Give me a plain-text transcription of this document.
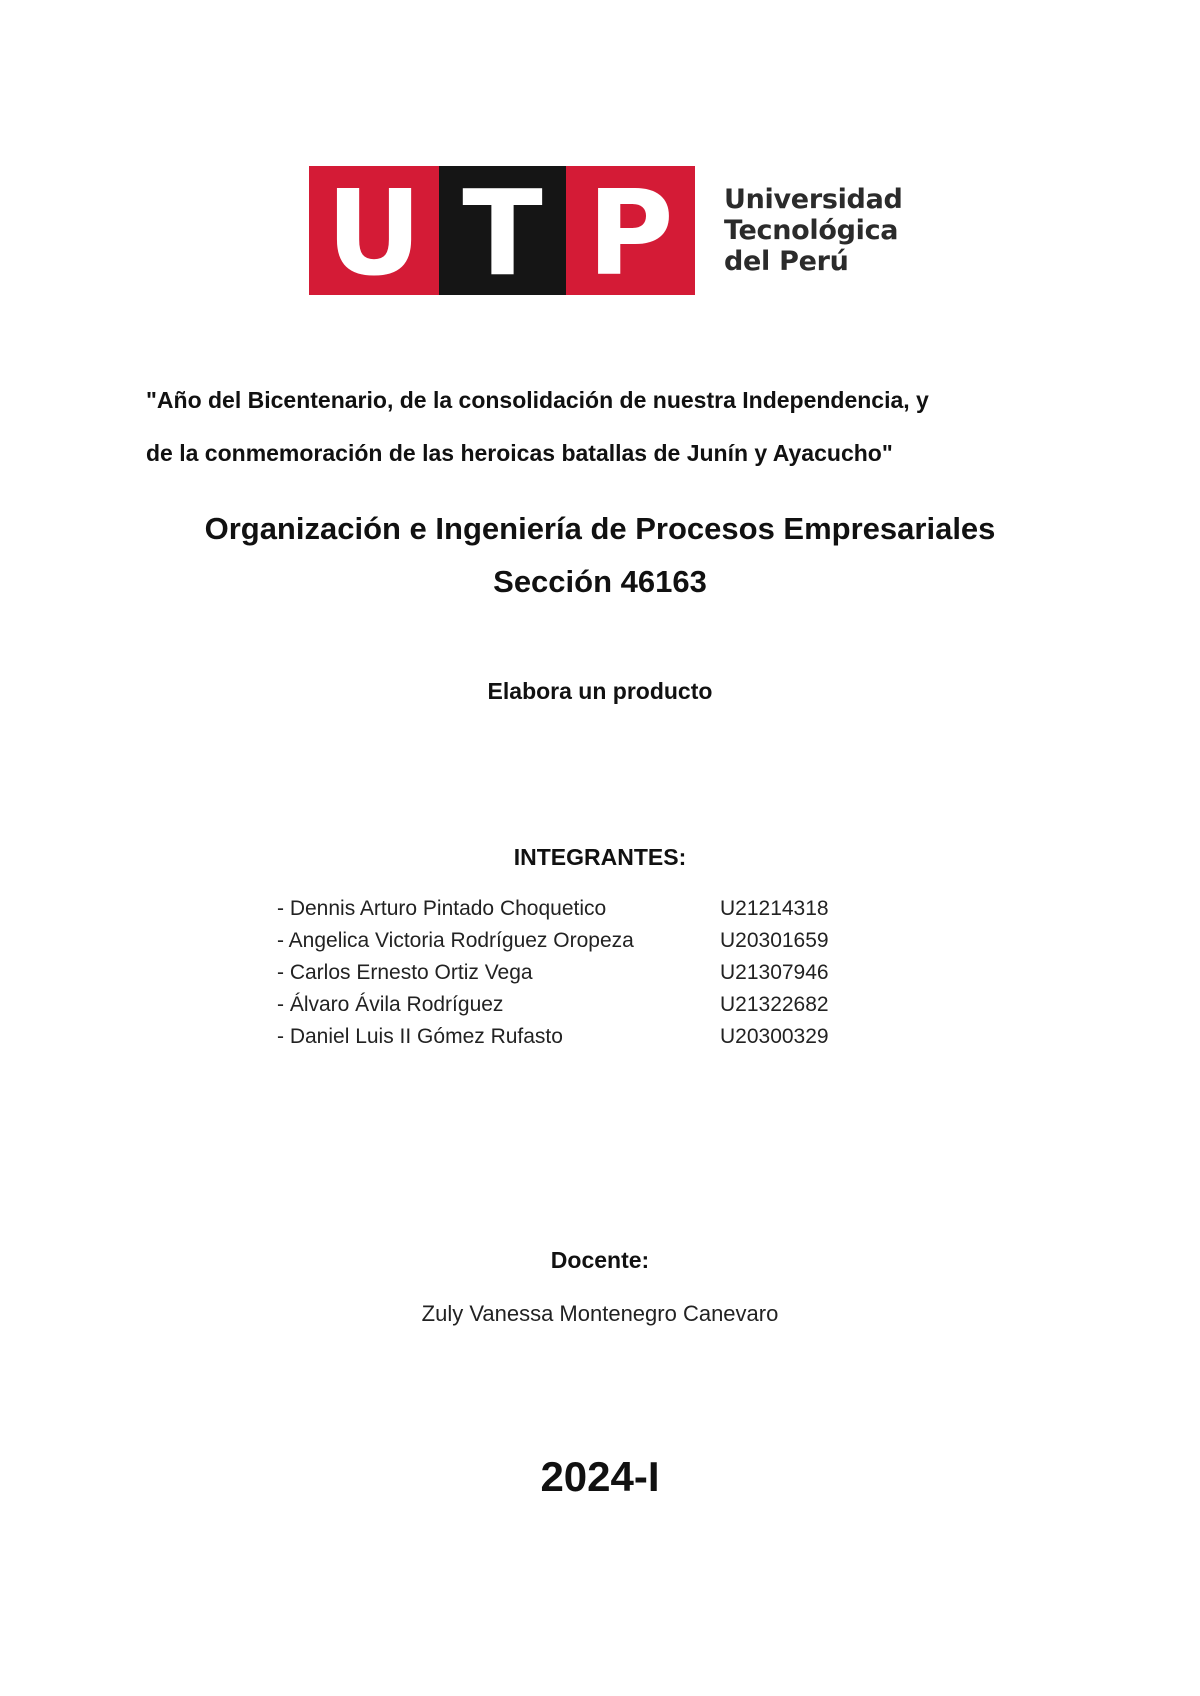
U T P Universidad
Tecnológica
del Perú
"Año del Bicentenario, de la consolidación de nuestra Independencia, y
de la conmemoración de las heroicas batallas de Junín y Ayacucho"
Organización e Ingeniería de Procesos Empresariales
Sección 46163
Elabora un producto
INTEGRANTES:
- Dennis Arturo Pintado Choquetico	U21214318
- Angelica Victoria Rodríguez Oropeza	U20301659
- Carlos Ernesto Ortiz Vega	U21307946
- Álvaro Ávila Rodríguez	U21322682
- Daniel Luis II Gómez Rufasto	U20300329
Docente:
Zuly Vanessa Montenegro Canevaro
2024-I
